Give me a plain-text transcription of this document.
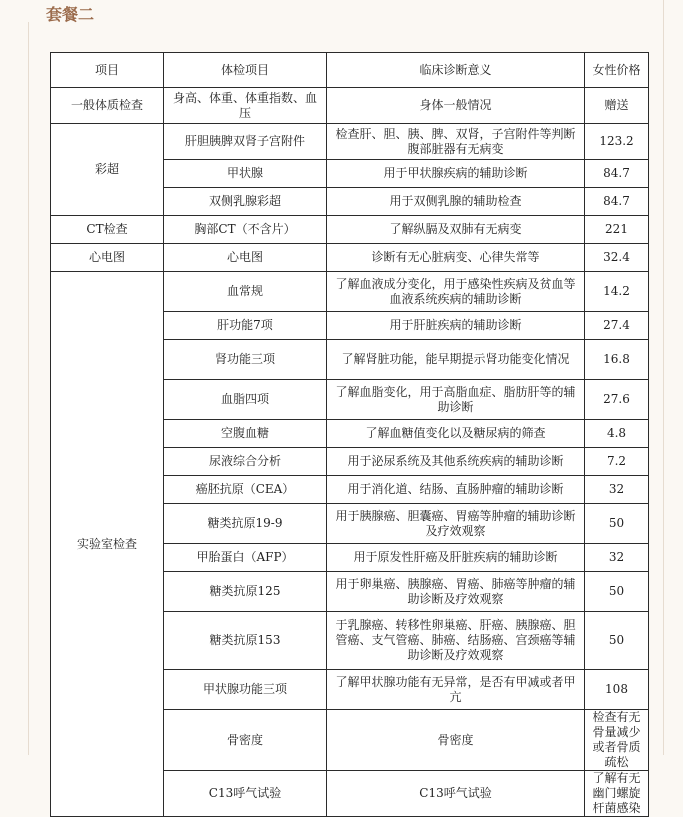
套餐二
项目	体检项目	临床诊断意义	女性价格	
一般体质检查	身高、体重、体重指数、血压	身体一般情况	赠送	
彩超	肝胆胰脾双肾子宫附件	检查肝、胆、胰、脾、双肾，子宫附件等判断腹部脏器有无病变	123.2	
	甲状腺	用于甲状腺疾病的辅助诊断	84.7	
	双侧乳腺彩超	用于双侧乳腺的辅助检查	84.7	
CT检查	胸部CT（不含片）	了解纵膈及双肺有无病变	221	
心电图	心电图	诊断有无心脏病变、心律失常等	32.4	
实验室检查	血常规	了解血液成分变化，用于感染性疾病及贫血等血液系统疾病的辅助诊断	14.2	
	肝功能7项	用于肝脏疾病的辅助诊断	27.4	
	肾功能三项	了解肾脏功能，能早期提示肾功能变化情况	16.8	
	血脂四项	了解血脂变化，用于高脂血症、脂肪肝等的辅助诊断	27.6	
	空腹血糖	了解血糖值变化以及糖尿病的筛查	4.8	
	尿液综合分析	用于泌尿系统及其他系统疾病的辅助诊断	7.2	
	癌胚抗原（CEA）	用于消化道、结肠、直肠肿瘤的辅助诊断	32	
	糖类抗原19-9	用于胰腺癌、胆囊癌、胃癌等肿瘤的辅助诊断及疗效观察	50	
	甲胎蛋白（AFP）	用于原发性肝癌及肝脏疾病的辅助诊断	32	
	糖类抗原125	用于卵巢癌、胰腺癌、胃癌、肺癌等肿瘤的辅助诊断及疗效观察	50	
	糖类抗原153	于乳腺癌、转移性卵巢癌、肝癌、胰腺癌、胆管癌、支气管癌、肺癌、结肠癌、宫颈癌等辅助诊断及疗效观察	50	
	甲状腺功能三项	了解甲状腺功能有无异常，是否有甲减或者甲亢	108	
	骨密度	骨密度	检查有无骨量减少或者骨质疏松	
	C13呼气试验	C13呼气试验	了解有无幽门螺旋杆菌感染	
